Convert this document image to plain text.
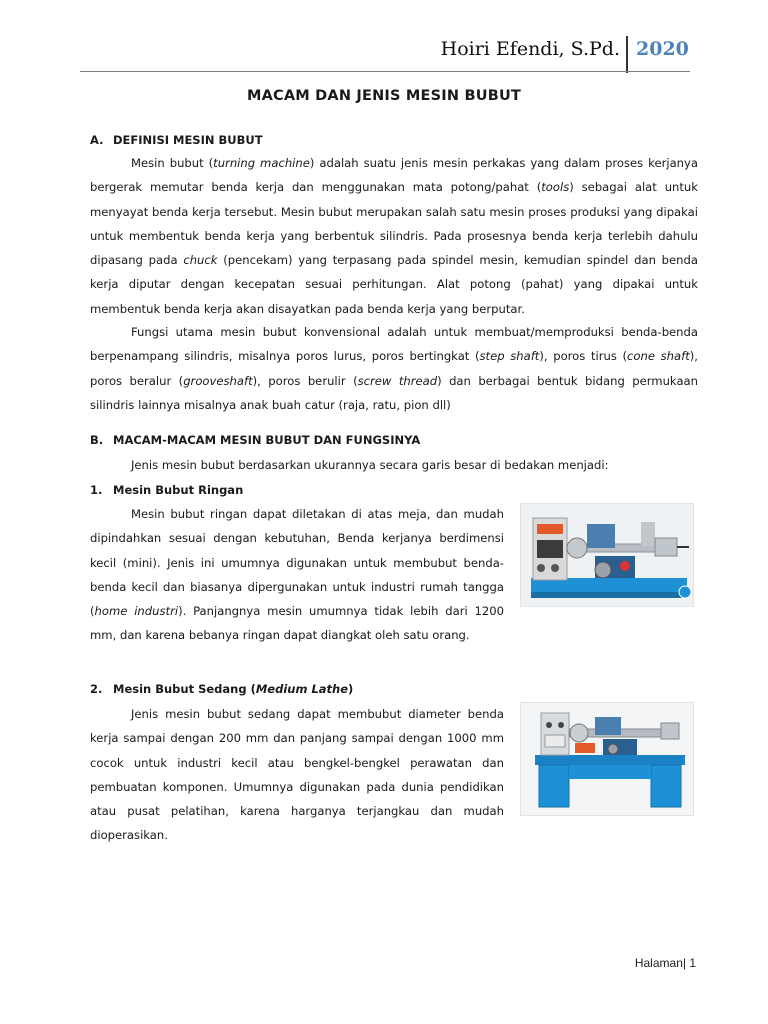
Hoiri Efendi, S.Pd. 2020
MACAM DAN JENIS MESIN BUBUT
A. DEFINISI MESIN BUBUT

Mesin bubut (turning machine) adalah suatu jenis mesin perkakas yang dalam proses kerjanya bergerak memutar benda kerja dan menggunakan mata potong/pahat (tools) sebagai alat untuk menyayat benda kerja tersebut. Mesin bubut merupakan salah satu mesin proses produksi yang dipakai untuk membentuk benda kerja yang berbentuk silindris. Pada prosesnya benda kerja terlebih dahulu dipasang pada chuck (pencekam) yang terpasang pada spindel mesin, kemudian spindel dan benda kerja diputar dengan kecepatan sesuai perhitungan. Alat potong (pahat) yang dipakai untuk membentuk benda kerja akan disayatkan pada benda kerja yang berputar.

Fungsi utama mesin bubut konvensional adalah untuk membuat/memproduksi benda-benda berpenampang silindris, misalnya poros lurus, poros bertingkat (step shaft), poros tirus (cone shaft), poros beralur (grooveshaft), poros berulir (screw thread) dan berbagai bentuk bidang permukaan silindris lainnya misalnya anak buah catur (raja, ratu, pion dll)

B. MACAM-MACAM MESIN BUBUT DAN FUNGSINYA
Jenis mesin bubut berdasarkan ukurannya secara garis besar di bedakan menjadi:
1. Mesin Bubut Ringan

Mesin bubut ringan dapat diletakan di atas meja, dan mudah dipindahkan sesuai dengan kebutuhan, Benda kerjanya berdimensi kecil (mini). Jenis ini umumnya digunakan untuk membubut benda-benda kecil dan biasanya dipergunakan untuk industri rumah tangga (home industri). Panjangnya mesin umumnya tidak lebih dari 1200 mm, dan karena bebanya ringan dapat diangkat oleh satu orang.

2. Mesin Bubut Sedang (Medium Lathe)

Jenis mesin bubut sedang dapat membubut diameter benda kerja sampai dengan 200 mm dan panjang sampai dengan 1000 mm cocok untuk industri kecil atau bengkel-bengkel perawatan dan pembuatan komponen. Umumnya digunakan pada dunia pendidikan atau pusat pelatihan, karena harganya terjangkau dan mudah dioperasikan.

Halaman| 1
